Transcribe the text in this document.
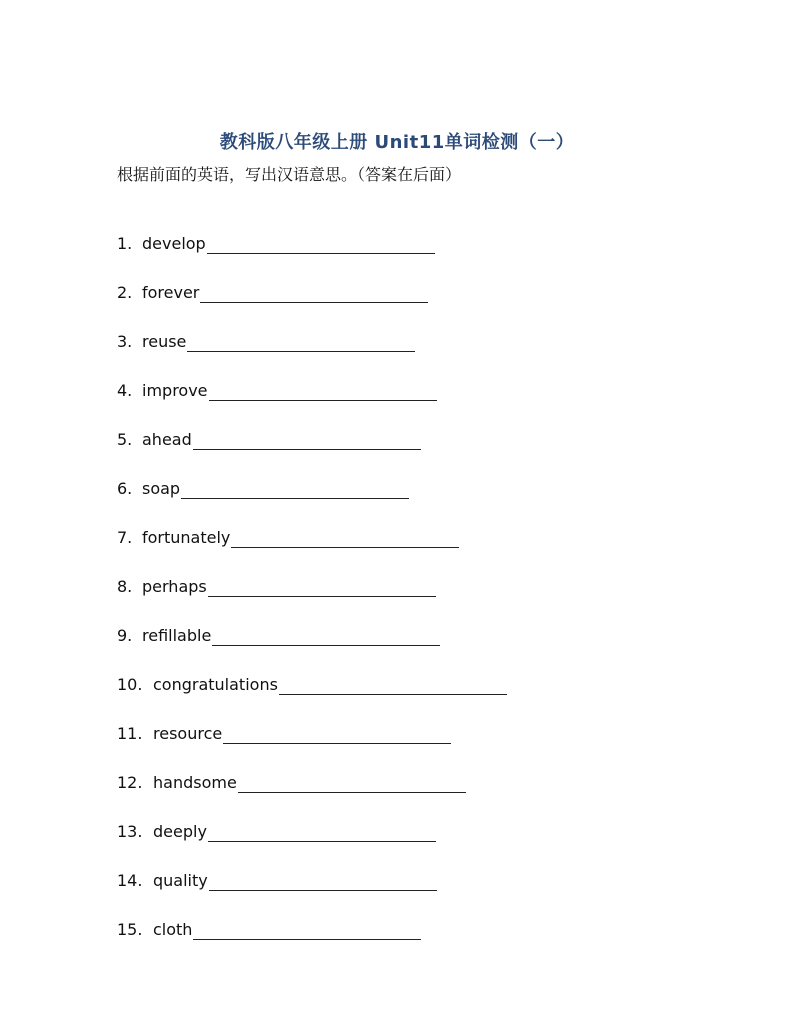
教科版八年级上册 Unit11单词检测（一）
根据前面的英语，写出汉语意思。（答案在后面）
1. develop
2. forever
3. reuse
4. improve
5. ahead
6. soap
7. fortunately
8. perhaps
9. refillable
10. congratulations
11. resource
12. handsome
13. deeply
14. quality
15. cloth
